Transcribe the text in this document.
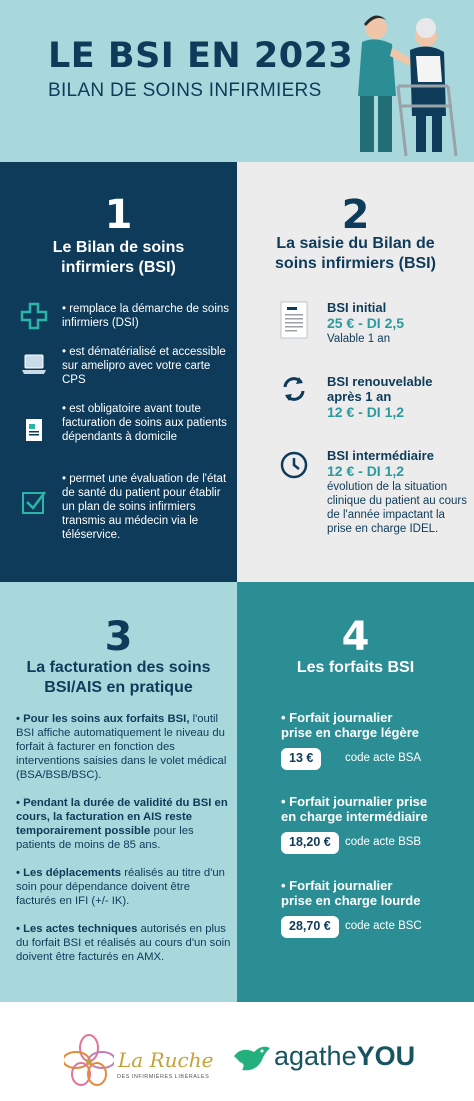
LE BSI EN 2023
BILAN DE SOINS INFIRMIERS
1
Le Bilan de soins
infirmiers (BSI)
• remplace la démarche de soins infirmiers (DSI)
• est dématérialisé et accessible sur amelipro avec votre carte CPS
• est obligatoire avant toute facturation de soins aux patients dépendants à domicile
• permet une évaluation de l'état de santé du patient pour établir un plan de soins infirmiers transmis au médecin via le téléservice.
2
La saisie du Bilan de
soins infirmiers (BSI)
BSI initial
25 € - DI 2,5
Valable 1 an
BSI renouvelable
après 1 an
12 € - DI 1,2
BSI intermédiaire
12 € - DI 1,2
évolution de la situation clinique du patient au cours de l'année impactant la prise en charge IDEL.
3
La facturation des soins
BSI/AIS en pratique
• Pour les soins aux forfaits BSI, l'outil BSI affiche automatiquement le niveau du forfait à facturer en fonction des interventions saisies dans le volet médical (BSA/BSB/BSC).
• Pendant la durée de validité du BSI en cours, la facturation en AIS reste temporairement possible pour les patients de moins de 85 ans.
• Les déplacements réalisés au titre d'un soin pour dépendance doivent être facturés en IFI (+/- IK).
• Les actes techniques autorisés en plus du forfait BSI et réalisés au cours d'un soin doivent être facturés en AMX.
4
Les forfaits BSI
• Forfait journalier
prise en charge légère
13 €	code acte BSA
• Forfait journalier prise
en charge intermédiaire
18,20 €	code acte BSB
• Forfait journalier
prise en charge lourde
28,70 €	code acte BSC
La Ruche
DES INFIRMIÈRES LIBÉRALES
agatheYOU
